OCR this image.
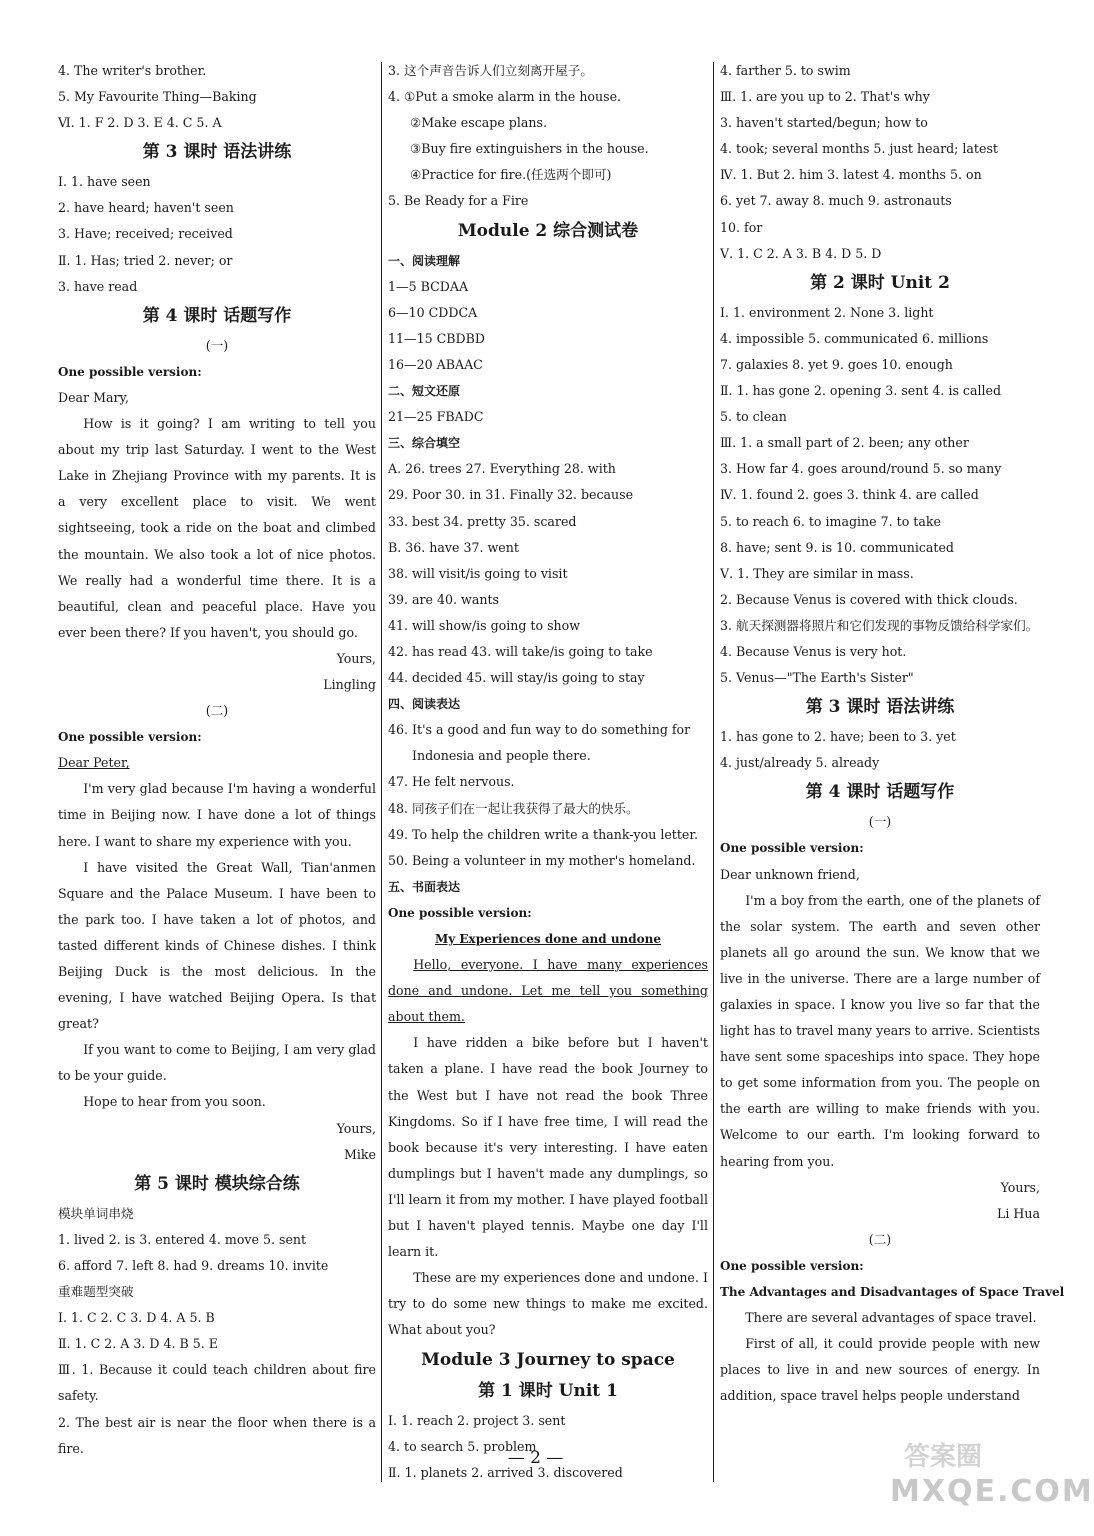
4. The writer's brother.
5. My Favourite Thing—Baking
Ⅵ. 1. F 2. D 3. E 4. C 5. A
第 3 课时 语法讲练
Ⅰ. 1. have seen
2. have heard; haven't seen
3. Have; received; received
Ⅱ. 1. Has; tried 2. never; or
3. have read
第 4 课时 话题写作
(一)
One possible version:
Dear Mary,
How is it going? I am writing to tell you about my trip last Saturday. I went to the West Lake in Zhejiang Province with my parents. It is a very excellent place to visit. We went sightseeing, took a ride on the boat and climbed the mountain. We also took a lot of nice photos. We really had a wonderful time there. It is a beautiful, clean and peaceful place. Have you ever been there? If you haven't, you should go.
Yours,
Lingling
(二)
One possible version:
Dear Peter,
I'm very glad because I'm having a wonderful time in Beijing now. I have done a lot of things here. I want to share my experience with you.
I have visited the Great Wall, Tian'anmen Square and the Palace Museum. I have been to the park too. I have taken a lot of photos, and tasted different kinds of Chinese dishes. I think Beijing Duck is the most delicious. In the evening, I have watched Beijing Opera. Is that great?
If you want to come to Beijing, I am very glad to be your guide.
Hope to hear from you soon.
Yours,
Mike
第 5 课时 模块综合练
模块单词串烧
1. lived 2. is 3. entered 4. move 5. sent
6. afford 7. left 8. had 9. dreams 10. invite
重难题型突破
Ⅰ. 1. C 2. C 3. D 4. A 5. B
Ⅱ. 1. C 2. A 3. D 4. B 5. E
Ⅲ. 1. Because it could teach children about fire safety.
2. The best air is near the floor when there is a fire.
3. 这个声音告诉人们立刻离开屋子。
4. ①Put a smoke alarm in the house.
②Make escape plans.
③Buy fire extinguishers in the house.
④Practice for fire.(任选两个即可)
5. Be Ready for a Fire
Module 2 综合测试卷
一、阅读理解
1—5 BCDAA
6—10 CDDCA
11—15 CBDBD
16—20 ABAAC
二、短文还原
21—25 FBADC
三、综合填空
A. 26. trees 27. Everything 28. with
29. Poor 30. in 31. Finally 32. because
33. best 34. pretty 35. scared
B. 36. have 37. went
38. will visit/is going to visit
39. are 40. wants
41. will show/is going to show
42. has read 43. will take/is going to take
44. decided 45. will stay/is going to stay
四、阅读表达
46. It's a good and fun way to do something for
Indonesia and people there.
47. He felt nervous.
48. 同孩子们在一起让我获得了最大的快乐。
49. To help the children write a thank-you letter.
50. Being a volunteer in my mother's homeland.
五、书面表达
One possible version:
My Experiences done and undone
Hello, everyone. I have many experiences done and undone. Let me tell you something about them.
I have ridden a bike before but I haven't taken a plane. I have read the book Journey to the West but I have not read the book Three Kingdoms. So if I have free time, I will read the book because it's very interesting. I have eaten dumplings but I haven't made any dumplings, so I'll learn it from my mother. I have played football but I haven't played tennis. Maybe one day I'll learn it.
These are my experiences done and undone. I try to do some new things to make me excited. What about you?
Module 3 Journey to space
第 1 课时 Unit 1
Ⅰ. 1. reach 2. project 3. sent
4. to search 5. problem
Ⅱ. 1. planets 2. arrived 3. discovered
4. farther 5. to swim
Ⅲ. 1. are you up to 2. That's why
3. haven't started/begun; how to
4. took; several months 5. just heard; latest
Ⅳ. 1. But 2. him 3. latest 4. months 5. on
6. yet 7. away 8. much 9. astronauts
10. for
Ⅴ. 1. C 2. A 3. B 4. D 5. D
第 2 课时 Unit 2
Ⅰ. 1. environment 2. None 3. light
4. impossible 5. communicated 6. millions
7. galaxies 8. yet 9. goes 10. enough
Ⅱ. 1. has gone 2. opening 3. sent 4. is called
5. to clean
Ⅲ. 1. a small part of 2. been; any other
3. How far 4. goes around/round 5. so many
Ⅳ. 1. found 2. goes 3. think 4. are called
5. to reach 6. to imagine 7. to take
8. have; sent 9. is 10. communicated
Ⅴ. 1. They are similar in mass.
2. Because Venus is covered with thick clouds.
3. 航天探测器将照片和它们发现的事物反馈给科学家们。
4. Because Venus is very hot.
5. Venus—"The Earth's Sister"
第 3 课时 语法讲练
1. has gone to 2. have; been to 3. yet
4. just/already 5. already
第 4 课时 话题写作
(一)
One possible version:
Dear unknown friend,
I'm a boy from the earth, one of the planets of the solar system. The earth and seven other planets all go around the sun. We know that we live in the universe. There are a large number of galaxies in space. I know you live so far that the light has to travel many years to arrive. Scientists have sent some spaceships into space. They hope to get some information from you. The people on the earth are willing to make friends with you. Welcome to our earth. I'm looking forward to hearing from you.
Yours,
Li Hua
(二)
One possible version:
The Advantages and Disadvantages of Space Travel
There are several advantages of space travel.
First of all, it could provide people with new places to live in and new sources of energy. In addition, space travel helps people understand
— 2 —	答案圈
MXQE.COM
